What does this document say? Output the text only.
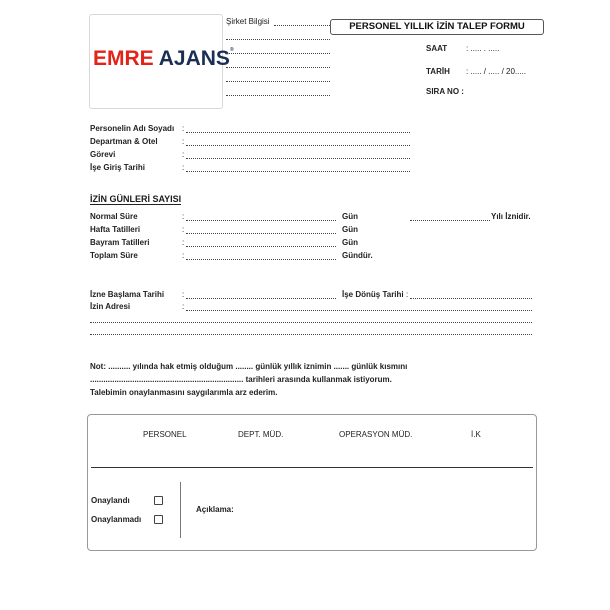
EMRE AJANS®
Şirket Bilgisi	PERSONEL YILLIK İZİN TALEP FORMU
SAAT : ..... . .....
TARİH : ..... / ..... / 20.....
SIRA NO :
Personelin Adı Soyadı :
Departman & Otel	:
Görevi	:
İşe Giriş Tarihi	:
İZİN GÜNLERİ SAYISI
Normal Süre	:	Gün	Yılı İznidir.
Hafta Tatilleri	:	Gün
Bayram Tatilleri	:	Gün
Toplam Süre	:	Gündür.
İzne Başlama Tarihi :	İşe Dönüş Tarihi :
İzin Adresi	:
Not: .......... yılında hak etmiş olduğum ........ günlük yıllık iznimin ....... günlük kısmını
..................................................................... tarihleri arasında kullanmak istiyorum.
Talebimin onaylanmasını saygılarımla arz ederim.
PERSONEL	DEPT. MÜD.	OPERASYON MÜD.	İ.K
Onaylandı
Onaylanmadı
Açıklama:
